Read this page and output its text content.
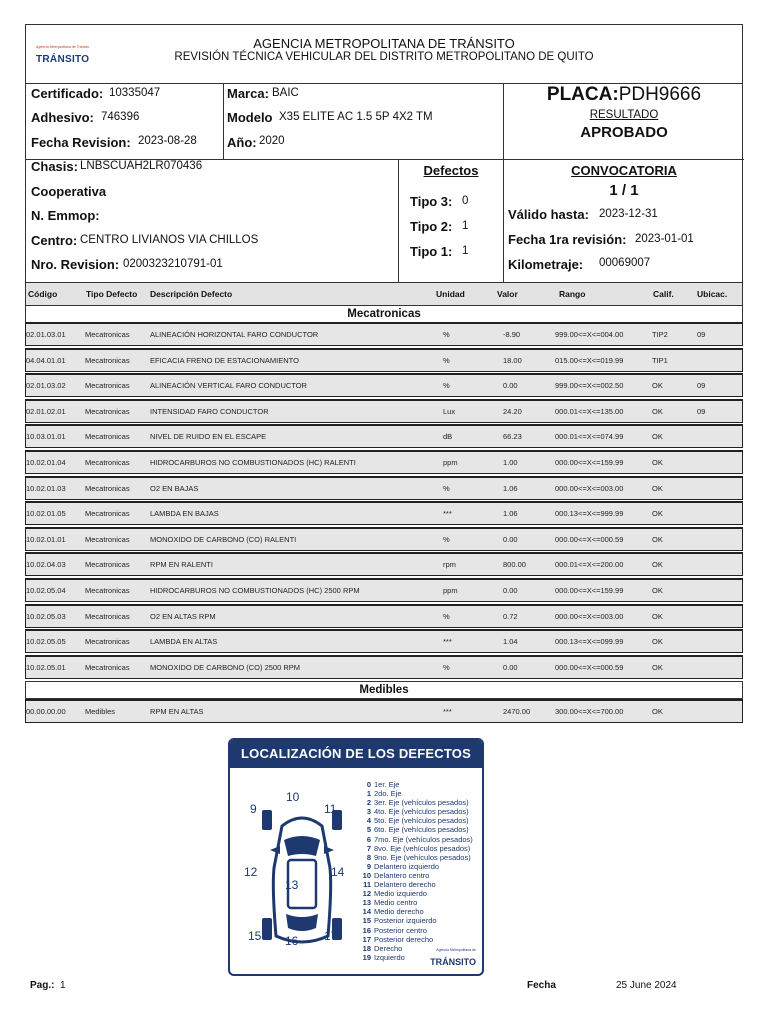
Agencia Metropolitana de Tránsito
TRÁNSITO
AGENCIA METROPOLITANA DE TRÁNSITO
REVISIÓN TÉCNICA VEHICULAR DEL DISTRITO METROPOLITANO DE QUITO
Certificado: 10335047
Adhesivo: 746396
Fecha Revision: 2023-08-28
Marca: BAIC
Modelo X35 ELITE AC 1.5 5P 4X2 TM
Año: 2020
PLACA:PDH9666
RESULTADO
APROBADO
Chasis: LNBSCUAH2LR070436
Cooperativa
N. Emmop:
Centro: CENTRO LIVIANOS VIA CHILLOS
Nro. Revision: 0200323210791-01
Defectos
Tipo 3: 0
Tipo 2: 1
Tipo 1: 1
CONVOCATORIA
1 / 1
Válido hasta: 2023-12-31
Fecha 1ra revisión: 2023-01-01
Kilometraje: 00069007
Código	Tipo Defecto Descripción Defecto	Unidad	Valor	Rango	Calif.	Ubicac.
Mecatronicas
02.01.03.01	Mecatronicas	ALINEACIÓN HORIZONTAL FARO CONDUCTOR	%	-8.90	999.00<=X<=004.00	TIP2	09
04.04.01.01	Mecatronicas	EFICACIA FRENO DE ESTACIONAMIENTO	%	18.00	015.00<=X<=019.99	TIP1
02.01.03.02	Mecatronicas	ALINEACIÓN VERTICAL FARO CONDUCTOR	%	0.00	999.00<=X<=002.50	OK	09
02.01.02.01	Mecatronicas	INTENSIDAD FARO CONDUCTOR	Lux	24.20	000.01<=X<=135.00	OK	09
10.03.01.01	Mecatronicas	NIVEL DE RUIDO EN EL ESCAPE	dB	66.23	000.01<=X<=074.99	OK
10.02.01.04	Mecatronicas	HIDROCARBUROS NO COMBUSTIONADOS (HC) RALENTI	ppm	1.00	000.00<=X<=159.99	OK
10.02.01.03	Mecatronicas	O2 EN BAJAS	%	1.06	000.00<=X<=003.00	OK
10.02.01.05	Mecatronicas	LAMBDA EN BAJAS	***	1.06	000.13<=X<=999.99	OK
10.02.01.01	Mecatronicas	MONOXIDO DE CARBONO (CO) RALENTI	%	0.00	000.00<=X<=000.59	OK
10.02.04.03	Mecatronicas	RPM EN RALENTI	rpm	800.00	000.01<=X<=200.00	OK
10.02.05.04	Mecatronicas	HIDROCARBUROS NO COMBUSTIONADOS (HC) 2500 RPM	ppm	0.00	000.00<=X<=159.99	OK
10.02.05.03	Mecatronicas	O2 EN ALTAS RPM	%	0.72	000.00<=X<=003.00	OK
10.02.05.05	Mecatronicas	LAMBDA EN ALTAS	***	1.04	000.13<=X<=099.99	OK
10.02.05.01	Mecatronicas	MONOXIDO DE CARBONO (CO) 2500 RPM	%	0.00	000.00<=X<=000.59	OK
Medibles
00.00.00.00	Medibles	RPM EN ALTAS	***	2470.00	300.00<=X<=700.00	OK
LOCALIZACIÓN DE LOS DEFECTOS
9
10
11
12
13
14
15 16 17
0 1er. Eje
1 2do. Eje
2 3er. Eje (vehículos pesados)
3 4to. Eje (vehículos pesados)
4 5to. Eje (vehículos pesados)
5 6to. Eje (vehículos pesados)
6 7mo. Eje (vehículos pesados)
7 8vo. Eje (vehículos pesados)
8 9no. Eje (vehículos pesados)
9 Delantero izquierdo
10 Delantero centro
11 Delantero derecho
12 Medio izquierdo
13 Medio centro
14 Medio derecho
15 Posterior izquierdo
16 Posterior centro
17 Posterior derecho
18 Derecho
19 Izquierdo
Agencia Metropolitana de
TRÁNSITO
Pag.: 1	Fecha	25 June 2024
